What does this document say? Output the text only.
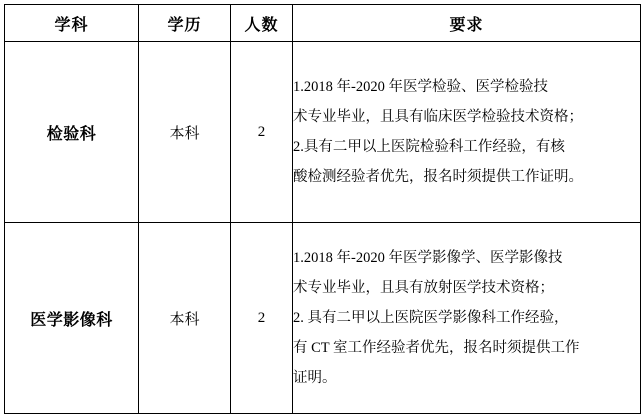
学科	学历	人数	要求
检验科	本科	2	1.2018 年-2020 年医学检验、医学检验技
术专业毕业，且具有临床医学检验技术资格；
2.具有二甲以上医院检验科工作经验，有核
酸检测经验者优先，报名时须提供工作证明。

医学影像科	本科	2	1.2018 年-2020 年医学影像学、医学影像技
术专业毕业，且具有放射医学技术资格；
2. 具有二甲以上医院医学影像科工作经验，
有 CT 室工作经验者优先，报名时须提供工作
证明。
